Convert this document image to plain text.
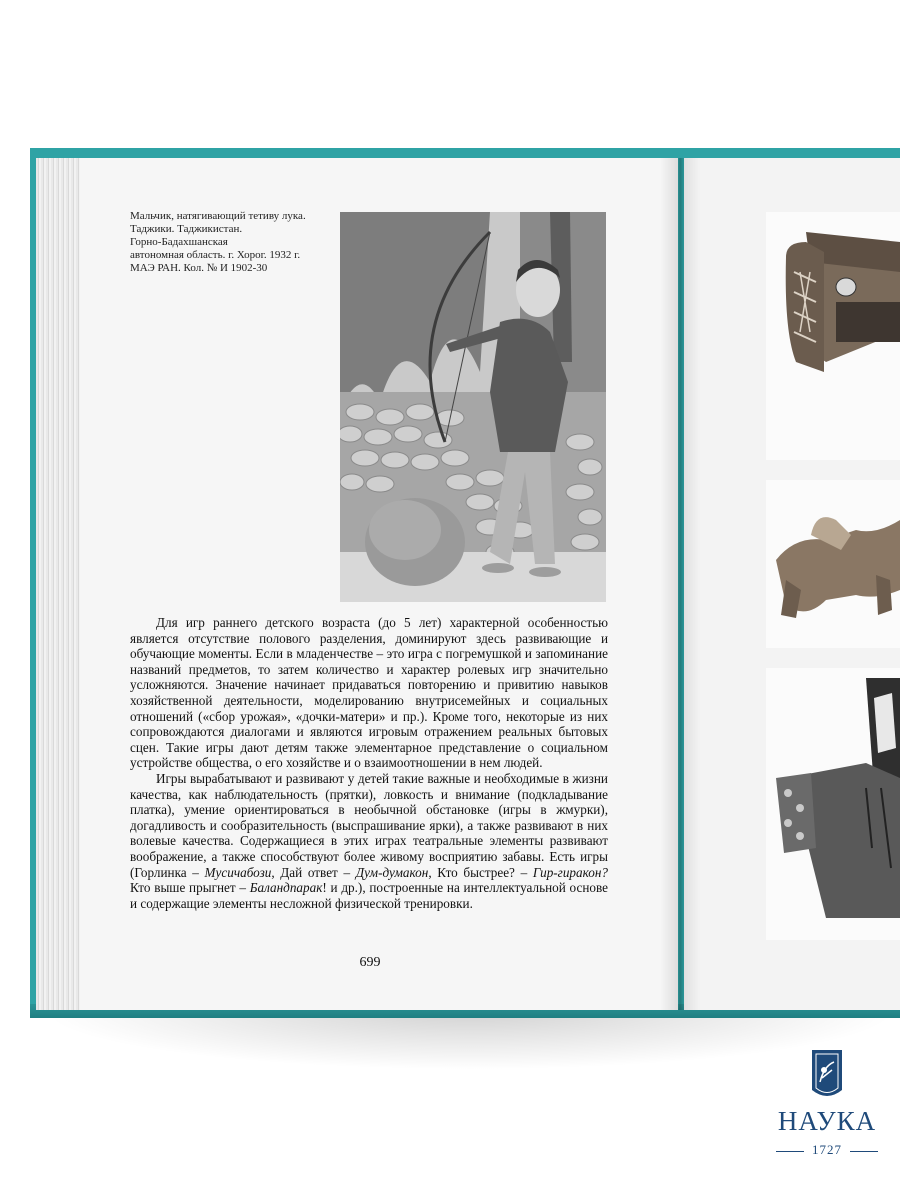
Мальчик, натягивающий тетиву лука.
Таджики. Таджикистан.
Горно-Бадахшанская
автономная область. г. Хорог. 1932 г.
МАЭ РАН. Кол. № И 1902-30

Для игр раннего детского возраста (до 5 лет) характерной особенностью является отсутствие полового разделения, доминируют здесь развивающие и обучающие моменты. Если в младенчестве – это игра с погремушкой и запоминание названий предметов, то затем количество и характер ролевых игр значительно усложняются. Значение начинает придаваться повторению и привитию навыков хозяйственной деятельности, моделированию внутрисемейных и социальных отношений («сбор урожая», «дочки-матери» и пр.). Кроме того, некоторые из них сопровождаются диалогами и являются игровым отражением реальных бытовых сцен. Такие игры дают детям также элементарное представление о социальном устройстве общества, о его хозяйстве и о взаимоотношении в нем людей.

Игры вырабатывают и развивают у детей такие важные и необходимые в жизни качества, как наблюдательность (прятки), ловкость и внимание (подкладывание платка), умение ориентироваться в необычной обстановке (игры в жмурки), догадливость и сообразительность (выспрашивание ярки), а также развивают в них волевые качества. Содержащиеся в этих играх театральные элементы развивают воображение, а также способствуют более живому восприятию забавы. Есть игры (Горлинка – Мусичабози, Дай ответ – Дум-думакон, Кто быстрее? – Гир-гиракон? Кто выше прыгнет – Баландпарак! и др.), построенные на интеллектуальной основе и содержащие элементы несложной физической тренировки.

699
НАУКА
1727
